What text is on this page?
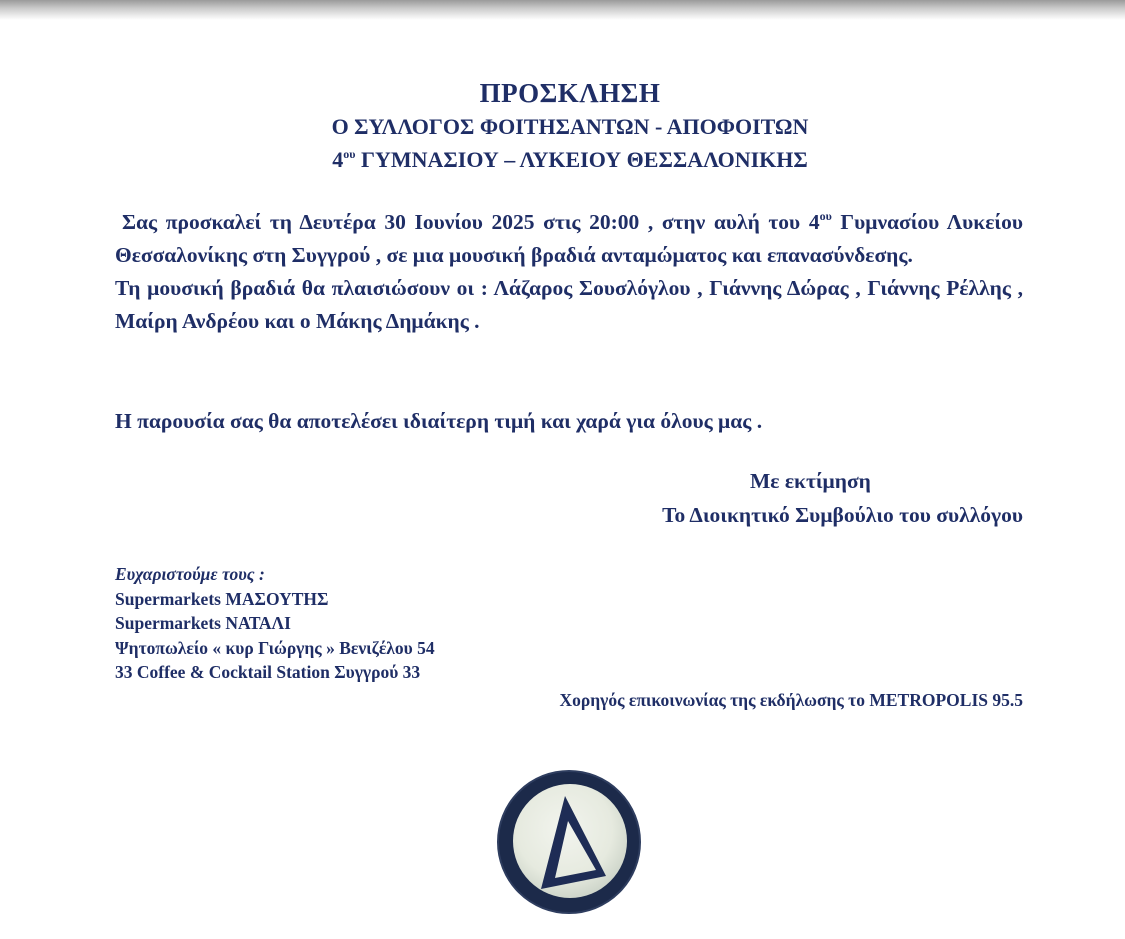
ΠΡΟΣΚΛΗΣΗ
Ο ΣΥΛΛΟΓΟΣ ΦΟΙΤΗΣΑΝΤΩΝ - ΑΠΟΦΟΙΤΩΝ
$4^{o\upsilon}$ ΓΥΜΝΑΣΙΟΥ – ΛΥΚΕΙΟΥ ΘΕΣΣΑΛΟΝΙΚΗΣ

Σας προσκαλεί τη Δευτέρα 30 Ιουνίου 2025 στις 20:00 , στην αυλή του $4^{o\upsilon}$ Γυμνασίου Λυκείου Θεσσαλονίκης στη Συγγρού , σε μια μουσική βραδιά ανταμώματος και επανασύνδεσης.

Τη μουσική βραδιά θα πλαισιώσουν οι : Λάζαρος Σουσλόγλου , Γιάννης Δώρας , Γιάννης Ρέλλης , Μαίρη Ανδρέου και ο Μάκης Δημάκης .

Η παρουσία σας θα αποτελέσει ιδιαίτερη τιμή και χαρά για όλους μας .
Με εκτίμηση
Το Διοικητικό Συμβούλιο του συλλόγου
Ευχαριστούμε τους :
Supermarkets ΜΑΣΟΥΤΗΣ
Supermarkets ΝΑΤΑΛΙ
Ψητοπωλείο « κυρ Γιώργης » Βενιζέλου 54
33 Coffee & Cocktail Station Συγγρού 33
Χορηγός επικοινωνίας της εκδήλωσης το METROPOLIS 95.5
